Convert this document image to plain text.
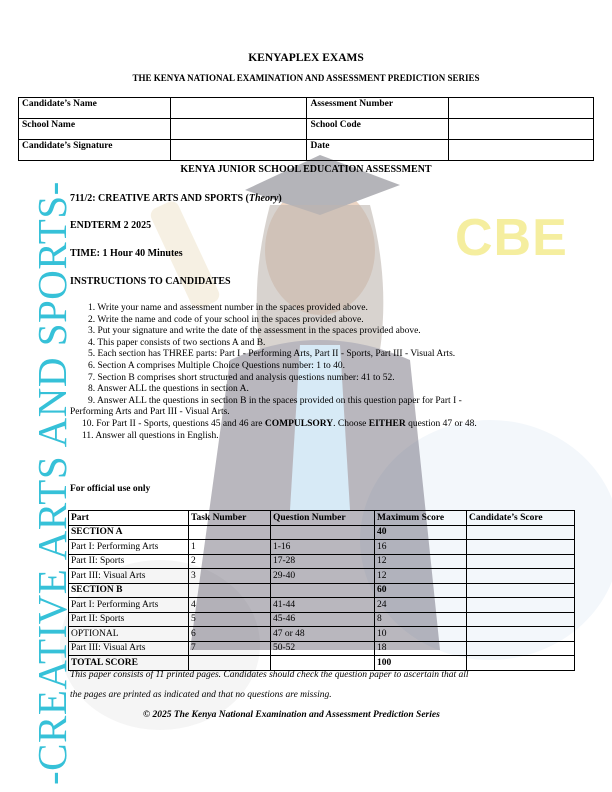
CBE
-CREATIVE ARTS AND SPORTS-
KENYAPLEX EXAMS
THE KENYA NATIONAL EXAMINATION AND ASSESSMENT PREDICTION SERIES
Candidate’s Name		Assessment Number	
School Name		School Code	
Candidate’s Signature		Date	
KENYA JUNIOR SCHOOL EDUCATION ASSESSMENT
711/2: CREATIVE ARTS AND SPORTS (Theory)
ENDTERM 2 2025
TIME: 1 Hour 40 Minutes
INSTRUCTIONS TO CANDIDATES
1. Write your name and assessment number in the spaces provided above.
2. Write the name and code of your school in the spaces provided above.
3. Put your signature and write the date of the assessment in the spaces provided above.
4. This paper consists of two sections A and B.
5. Each section has THREE parts: Part I - Performing Arts, Part II - Sports, Part III - Visual Arts.
6. Section A comprises Multiple Choice Questions number: 1 to 40.
7. Section B comprises short structured and analysis questions number: 41 to 52.
8. Answer ALL the questions in section A.
9. Answer ALL the questions in section B in the spaces provided on this question paper for Part I -
Performing Arts and Part III - Visual Arts.
10. For Part II - Sports, questions 45 and 46 are COMPULSORY. Choose EITHER question 47 or 48.
11. Answer all questions in English.
For official use only
Part	Task Number	Question Number	Maximum Score	Candidate’s Score
SECTION A			40	
Part I: Performing Arts	1	1-16	16	
Part II: Sports	2	17-28	12	
Part III: Visual Arts	3	29-40	12	
SECTION B			60	
Part I: Performing Arts	4	41-44	24	
Part II: Sports	5	45-46	8	
OPTIONAL	6	47 or 48	10	
Part III: Visual Arts	7	50-52	18	
TOTAL SCORE			100	
This paper consists of 11 printed pages. Candidates should check the question paper to ascertain that all
the pages are printed as indicated and that no questions are missing.
© 2025 The Kenya National Examination and Assessment Prediction Series
